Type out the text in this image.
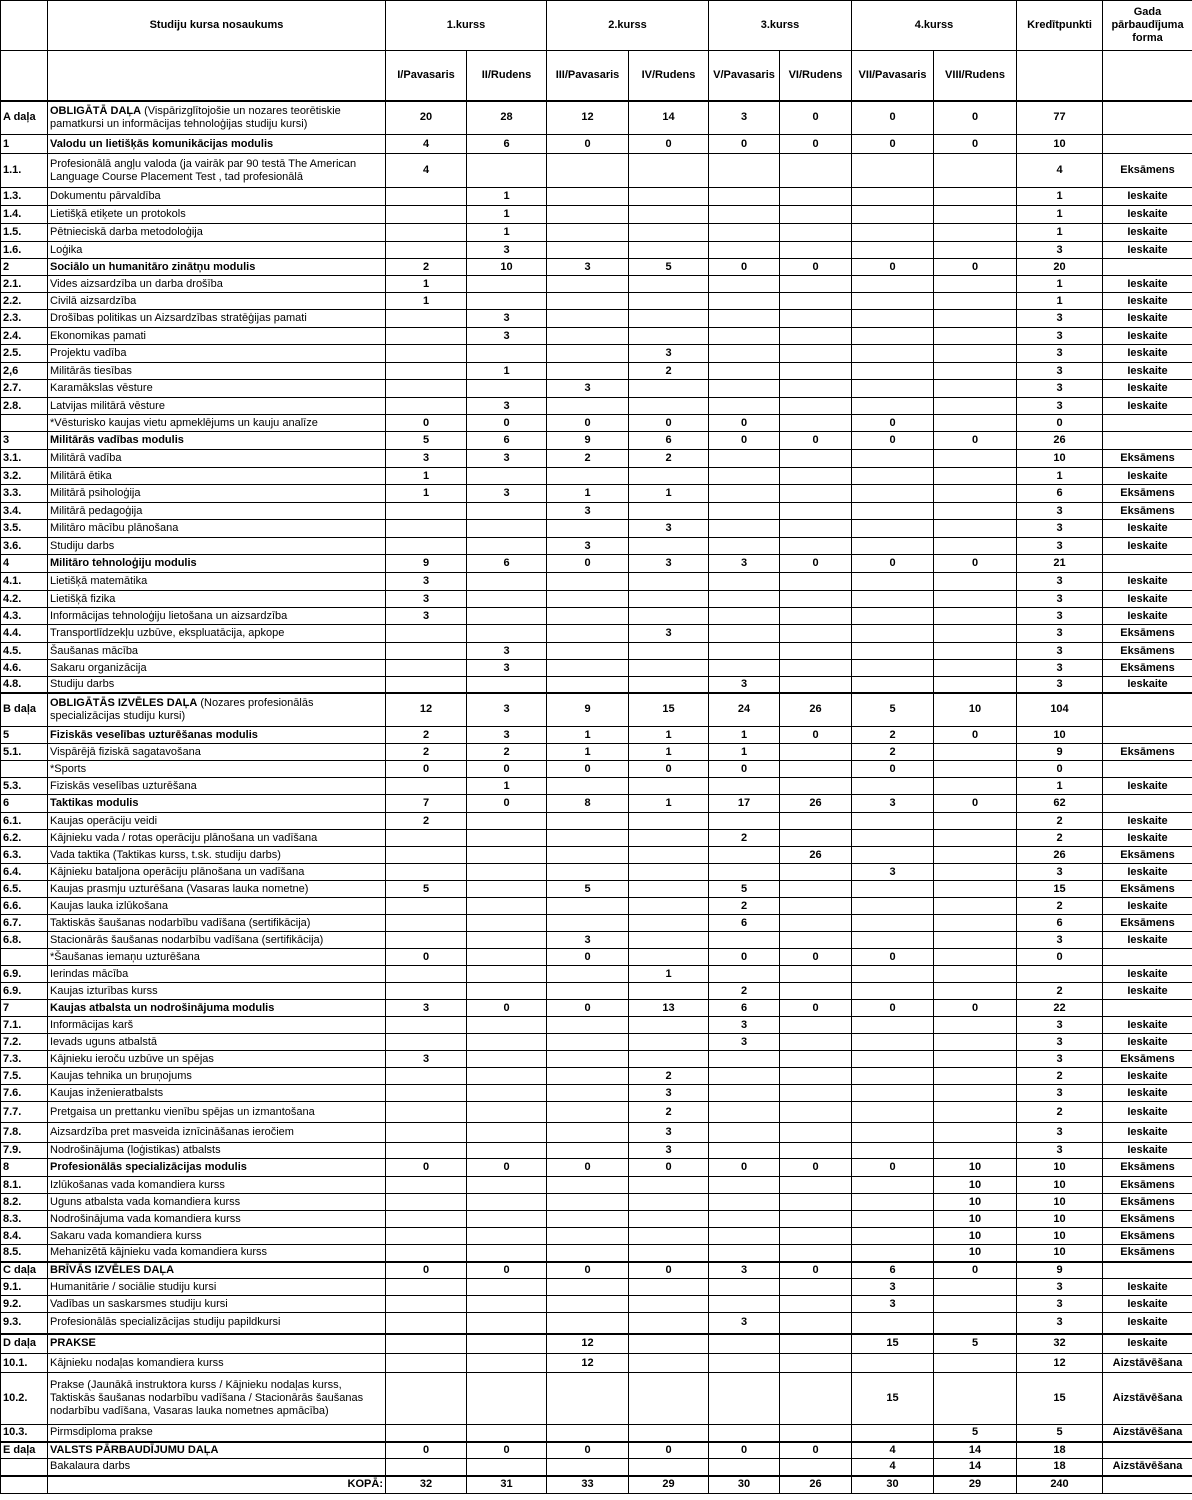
	Studiju kursa nosaukums	1.kurss		2.kurss		3.kurss		4.kurss		Kredītpunkti	Gada pārbaudījuma forma
		I/Pavasaris	II/Rudens	III/Pavasaris	IV/Rudens	V/Pavasaris	VI/Rudens	VII/Pavasaris	VIII/Rudens		
A daļa	OBLIGĀTĀ DAĻA (Vispārizglītojošie un nozares teorētiskie pamatkursi un informācijas tehnoloģijas studiju kursi)	20	28	12	14	3	0	0	0	77	
1	Valodu un lietišķās komunikācijas modulis	4	6	0	0	0	0	0	0	10	
1.1.	Profesionālā angļu valoda (ja vairāk par 90 testā The American Language Course Placement Test , tad profesionālā	4								4	Eksāmens
1.3.	Dokumentu pārvaldība		1							1	Ieskaite
1.4.	Lietišķā etiķete un protokols		1							1	Ieskaite
1.5.	Pētnieciskā darba metodoloģija		1							1	Ieskaite
1.6.	Loģika		3							3	Ieskaite
2	Sociālo un humanitāro zinātņu modulis	2	10	3	5	0	0	0	0	20	
2.1.	Vides aizsardzība un darba drošība	1								1	Ieskaite
2.2.	Civilā aizsardzība	1								1	Ieskaite
2.3.	Drošības politikas un Aizsardzības stratēģijas pamati		3							3	Ieskaite
2.4.	Ekonomikas pamati		3							3	Ieskaite
2.5.	Projektu vadība				3					3	Ieskaite
2,6	Militārās tiesības		1		2					3	Ieskaite
2.7.	Karamākslas vēsture			3						3	Ieskaite
2.8.	Latvijas militārā vēsture		3							3	Ieskaite
	*Vēsturisko kaujas vietu apmeklējums un kauju analīze	0	0	0	0	0		0		0	
3	Militārās vadības modulis	5	6	9	6	0	0	0	0	26	
3.1.	Militārā vadība	3	3	2	2					10	Eksāmens
3.2.	Militārā ētika	1								1	Ieskaite
3.3.	Militārā psiholoģija	1	3	1	1					6	Eksāmens
3.4.	Militārā pedagoģija			3						3	Eksāmens
3.5.	Militāro mācību plānošana				3					3	Ieskaite
3.6.	Studiju darbs			3						3	Ieskaite
4	Militāro tehnoloģiju modulis	9	6	0	3	3	0	0	0	21	
4.1.	Lietišķā matemātika	3								3	Ieskaite
4.2.	Lietišķā fizika	3								3	Ieskaite
4.3.	Informācijas tehnoloģiju lietošana un aizsardzība	3								3	Ieskaite
4.4.	Transportlīdzekļu uzbūve, ekspluatācija, apkope				3					3	Eksāmens
4.5.	Šaušanas mācība		3							3	Eksāmens
4.6.	Sakaru organizācija		3							3	Eksāmens
4.8.	Studiju darbs					3				3	Ieskaite
B daļa	OBLIGĀTĀS IZVĒLES DAĻA (Nozares profesionālās specializācijas studiju kursi)	12	3	9	15	24	26	5	10	104	
5	Fiziskās veselības uzturēšanas modulis	2	3	1	1	1	0	2	0	10	
5.1.	Vispārējā fiziskā sagatavošana	2	2	1	1	1		2		9	Eksāmens
	*Sports	0	0	0	0	0		0		0	
5.3.	Fiziskās veselības uzturēšana		1							1	Ieskaite
6	Taktikas modulis	7	0	8	1	17	26	3	0	62	
6.1.	Kaujas operāciju veidi	2								2	Ieskaite
6.2.	Kājnieku vada / rotas operāciju plānošana un vadīšana					2				2	Ieskaite
6.3.	Vada taktika (Taktikas kurss, t.sk. studiju darbs)						26			26	Eksāmens
6.4.	Kājnieku bataljona operāciju plānošana un vadīšana							3		3	Ieskaite
6.5.	Kaujas prasmju uzturēšana (Vasaras lauka nometne)	5		5		5				15	Eksāmens
6.6.	Kaujas lauka izlūkošana					2				2	Ieskaite
6.7.	Taktiskās šaušanas nodarbību vadīšana (sertifikācija)					6				6	Eksāmens
6.8.	Stacionārās šaušanas nodarbību vadīšana (sertifikācija)			3						3	Ieskaite
	*Šaušanas iemaņu uzturēšana	0		0		0	0	0		0	
6.9.	Ierindas mācība				1						Ieskaite
6.9.	Kaujas izturības kurss					2				2	Ieskaite
7	Kaujas atbalsta un nodrošinājuma modulis	3	0	0	13	6	0	0	0	22	
7.1.	Informācijas karš					3				3	Ieskaite
7.2.	Ievads uguns atbalstā					3				3	Ieskaite
7.3.	Kājnieku ieroču uzbūve un spējas	3								3	Eksāmens
7.5.	Kaujas tehnika un bruņojums				2					2	Ieskaite
7.6.	Kaujas inženieratbalsts				3					3	Ieskaite
7.7.	Pretgaisa un prettanku vienību spējas un izmantošana				2					2	Ieskaite
7.8.	Aizsardzība pret masveida iznīcināšanas ieročiem				3					3	Ieskaite
7.9.	Nodrošinājuma (loģistikas) atbalsts				3					3	Ieskaite
8	Profesionālās specializācijas modulis	0	0	0	0	0	0	0	10	10	Eksāmens
8.1.	Izlūkošanas vada komandiera kurss								10	10	Eksāmens
8.2.	Uguns atbalsta vada komandiera kurss								10	10	Eksāmens
8.3.	Nodrošinājuma vada komandiera kurss								10	10	Eksāmens
8.4.	Sakaru vada komandiera kurss								10	10	Eksāmens
8.5.	Mehanizētā kājnieku vada komandiera kurss								10	10	Eksāmens
C daļa	BRĪVĀS IZVĒLES DAĻA	0	0	0	0	3	0	6	0	9	
9.1.	Humanitārie / sociālie studiju kursi							3		3	Ieskaite
9.2.	Vadības un saskarsmes studiju kursi							3		3	Ieskaite
9.3.	Profesionālās specializācijas studiju papildkursi					3				3	Ieskaite
D daļa	PRAKSE			12				15	5	32	Ieskaite
10.1.	Kājnieku nodaļas komandiera kurss			12						12	Aizstāvēšana
10.2.	Prakse (Jaunākā instruktora kurss / Kājnieku nodaļas kurss, Taktiskās šaušanas nodarbību vadīšana / Stacionārās šaušanas nodarbību vadīšana, Vasaras lauka nometnes apmācība)							15		15	Aizstāvēšana
10.3.	Pirmsdiploma prakse								5	5	Aizstāvēšana
E daļa	VALSTS PĀRBAUDĪJUMU DAĻA	0	0	0	0	0	0	4	14	18	
	Bakalaura darbs							4	14	18	Aizstāvēšana
	KOPĀ:	32	31	33	29	30	26	30	29	240	
